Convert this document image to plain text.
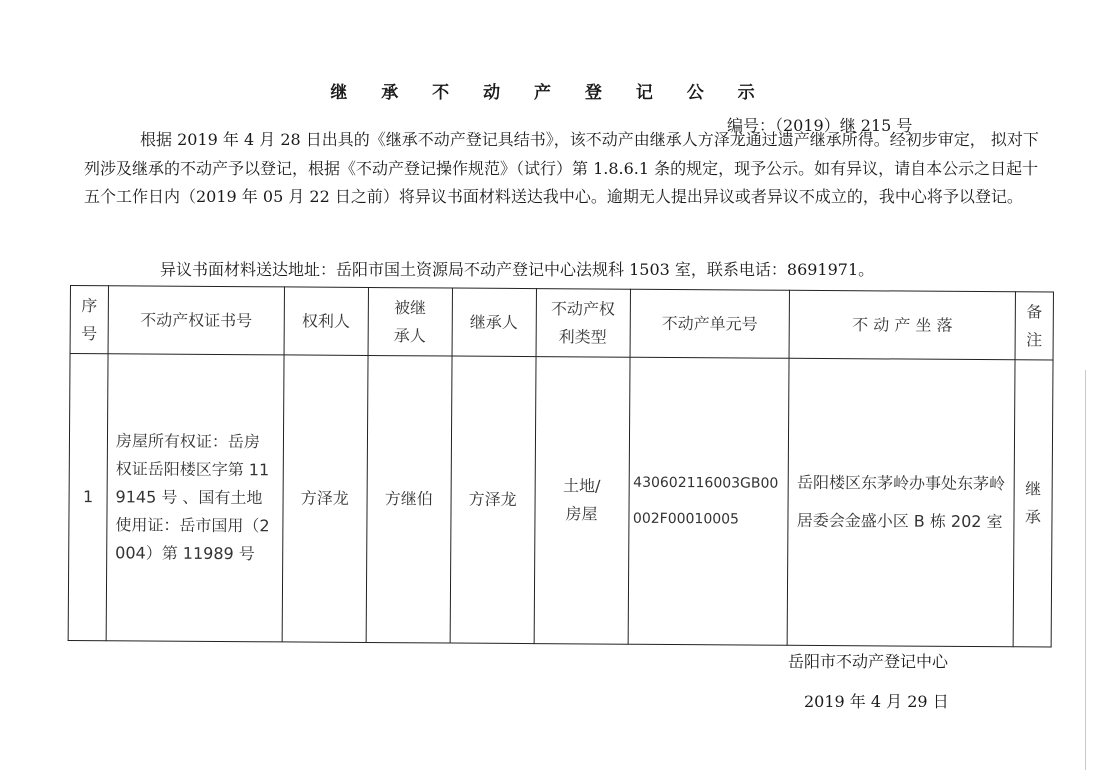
继 承 不 动 产 登 记 公 示
编号：（2019）继 215 号

根据 2019 年 4 月 28 日出具的《继承不动产登记具结书》，该不动产由继承人方泽龙通过遗产继承所得。经初步审定， 拟对下列涉及继承的不动产予以登记，根据《不动产登记操作规范》（试行）第 1.8.6.1 条的规定，现予公示。如有异议，请自本公示之日起十五个工作日内（2019 年 05 月 22 日之前）将异议书面材料送达我中心。逾期无人提出异议或者异议不成立的，我中心将予以登记。

异议书面材料送达地址：岳阳市国土资源局不动产登记中心法规科 1503 室，联系电话：8691971。
序号	不动产权证书号	权利人	被继承人	继承人	不动产权利类型	不动产单元号	不 动 产 坐 落	备注
1	房屋所有权证：岳房权证岳阳楼区字第 119145 号 、国有土地使用证：岳市国用（2004）第 11989 号	方泽龙	方继伯	方泽龙	土地/房屋	430602116003GB00002F00010005	岳阳楼区东茅岭办事处东茅岭居委会金盛小区 B 栋 202 室	继承
岳阳市不动产登记中心
2019 年 4 月 29 日
